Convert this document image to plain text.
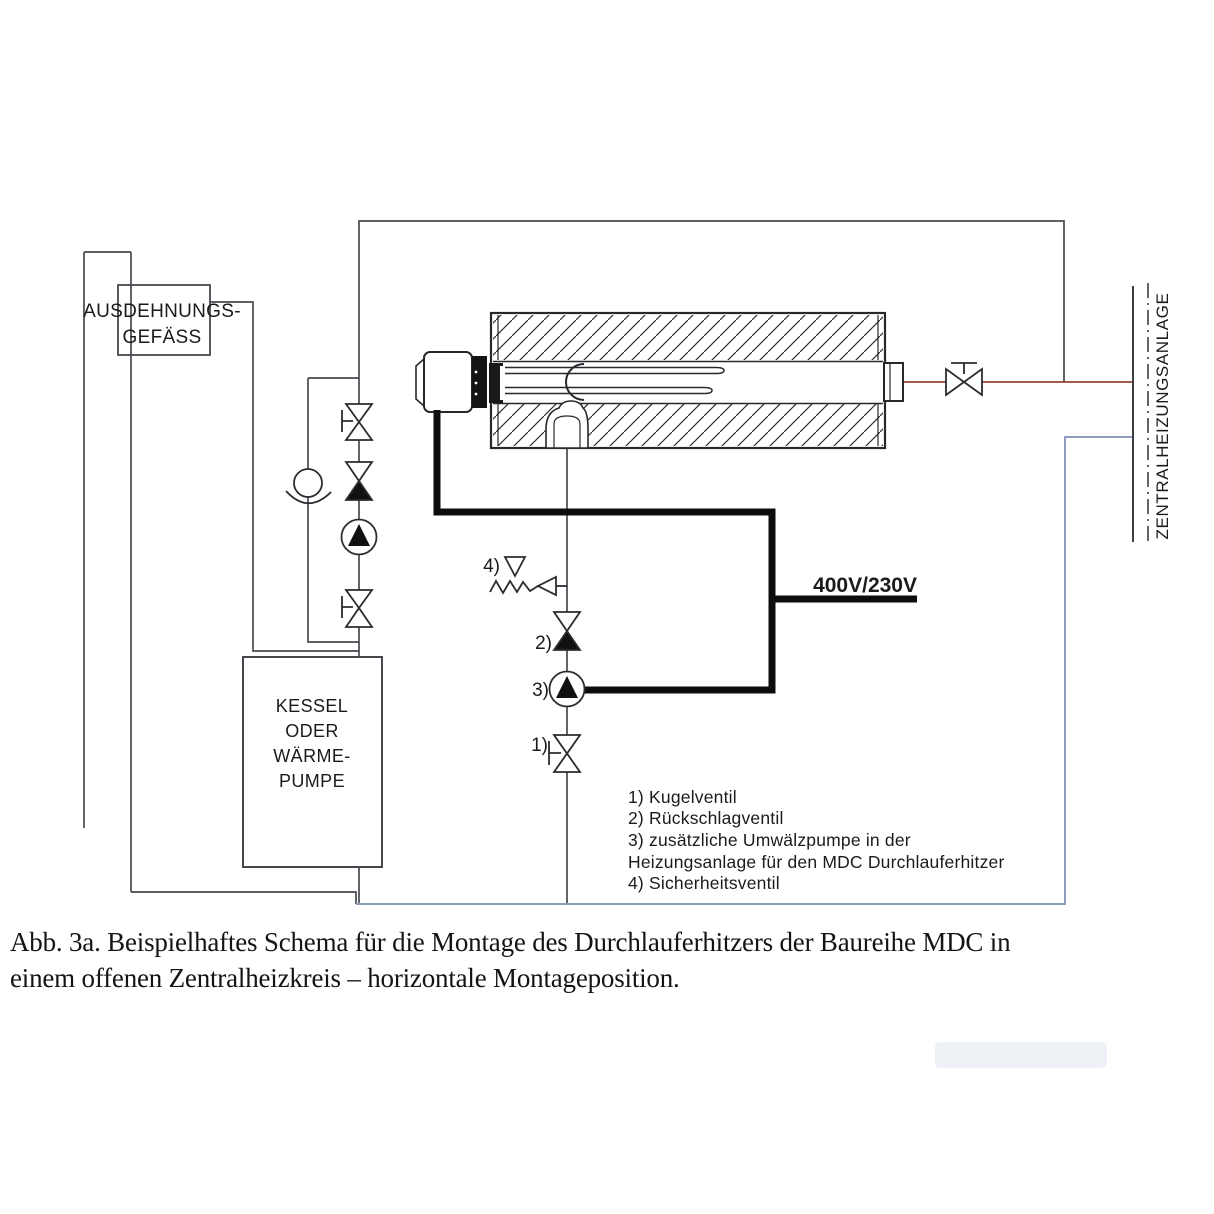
ZENTRALHEIZUNGSANLAGE
AUSDEHNUNGS-
GEFÄSS
KESSEL
ODER
WÄRME-
PUMPE
4)
2)
3)
1)
400V/230V
1) Kugelventil
2) Rückschlagventil
3) zusätzliche Umwälzpumpe in der
Heizungsanlage für den MDC Durchlauferhitzer
4) Sicherheitsventil
Abb. 3a. Beispielhaftes Schema für die Montage des Durchlauferhitzers der Baureihe MDC in
einem offenen Zentralheizkreis – horizontale Montageposition.
